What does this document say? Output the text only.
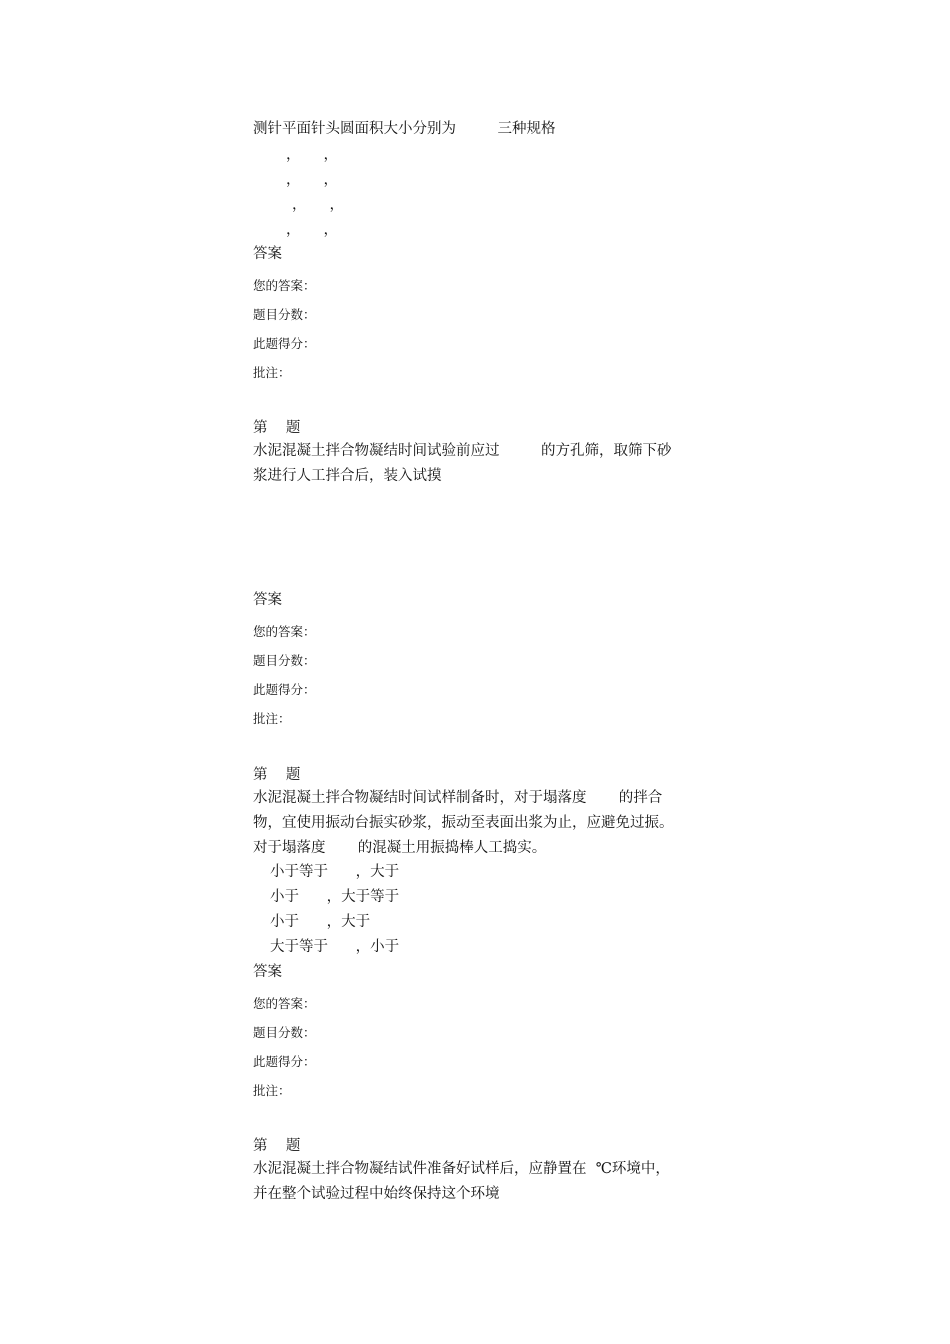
测针平面针头圆面积大小分别为         三种规格
，     ，
，     ，
，     ，
，     ，
答案
您的答案：
题目分数：
此题得分：
批注：
第    题
水泥混凝土拌合物凝结时间试验前应过         的方孔筛，取筛下砂
浆进行人工拌合后，装入试摸
答案
您的答案：
题目分数：
此题得分：
批注：
第    题
水泥混凝土拌合物凝结时间试样制备时，对于塌落度       的拌合
物，宜使用振动台振实砂浆，振动至表面出浆为止，应避免过振。
对于塌落度       的混凝土用振捣棒人工捣实。
小于等于      ，大于
小于      ，大于等于
小于      ，大于
大于等于      ，小于
答案
您的答案：
题目分数：
此题得分：
批注：
第    题
水泥混凝土拌合物凝结试件准备好试样后，应静置在  ℃环境中，
并在整个试验过程中始终保持这个环境
